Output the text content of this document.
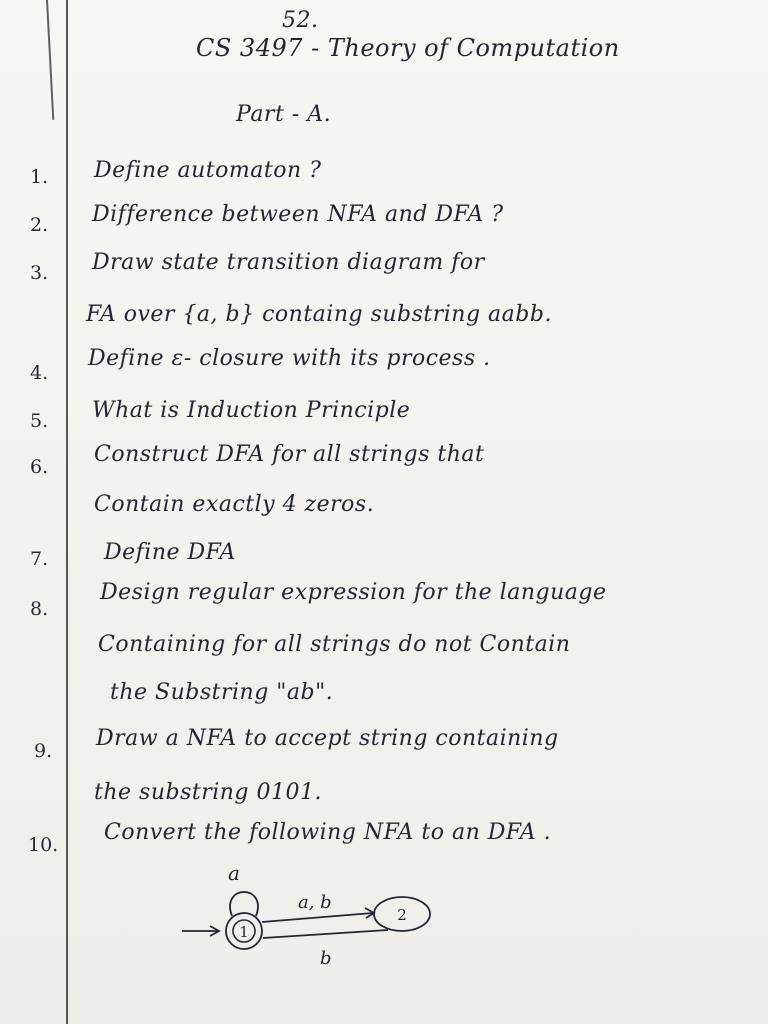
52.
CS 3497 - Theory of Computation
Part - A.
1. Define automaton ?
2. Difference between NFA and DFA ?
3. Draw state transition diagram for
FA over {a, b} containg substring aabb.
4.
Define ε- closure with its process .
5. What is Induction Principle
6. Construct DFA for all strings that
Contain exactly 4 zeros.
7.	Define DFA
8.
Design regular expression for the language
Containing for all strings do not Contain
the Substring "ab".
9. Draw a NFA to accept string containing
the substring 0101.
10. Convert the following NFA to an DFA .
1
2
a
a, b
b
